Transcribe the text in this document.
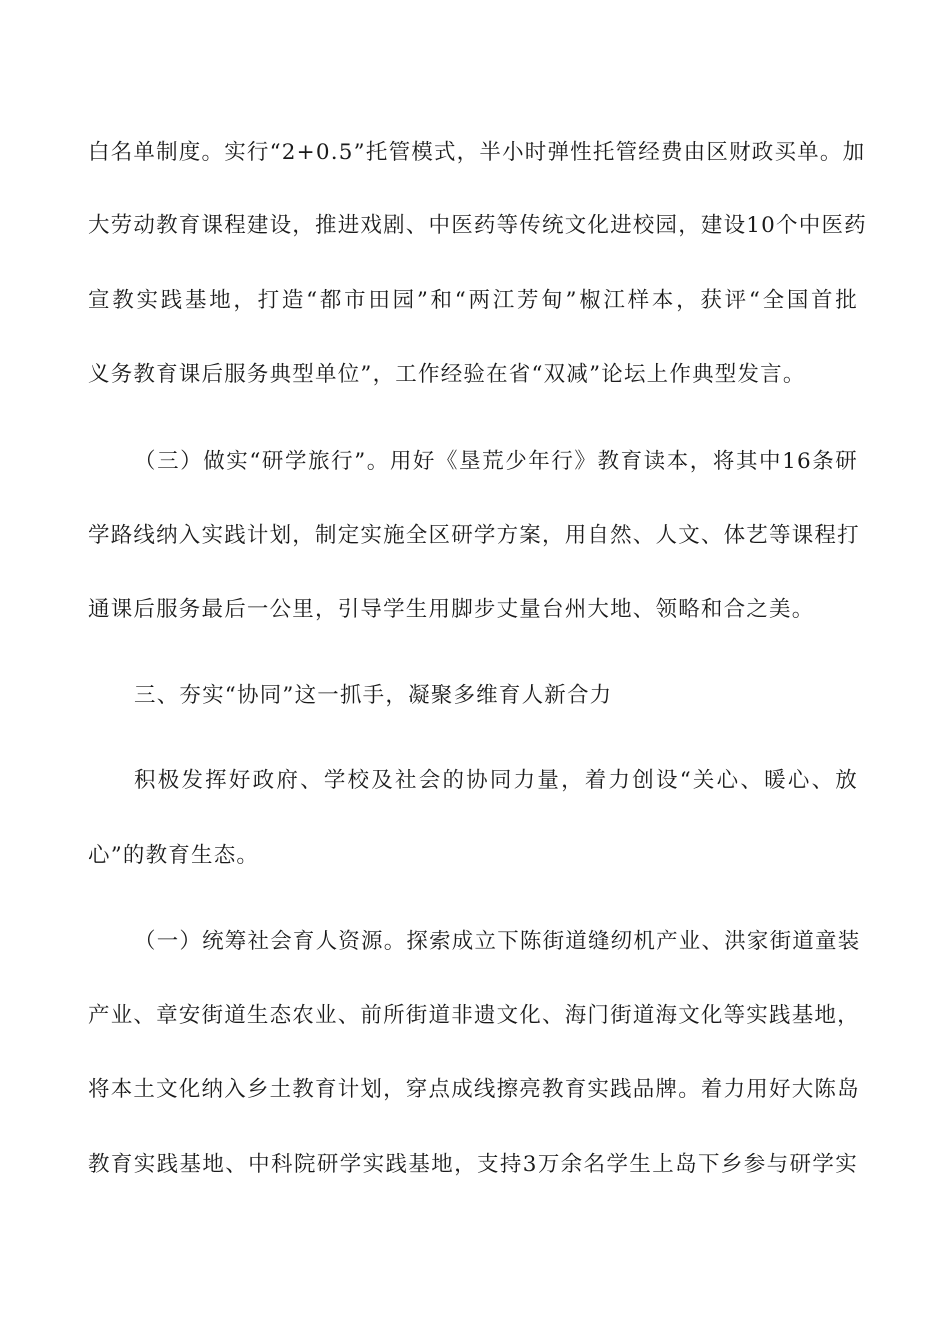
白名单制度。实行“2+0.5”托管模式，半小时弹性托管经费由区财政买单。加
大劳动教育课程建设，推进戏剧、中医药等传统文化进校园，建设10个中医药
宣教实践基地，打造“都市田园”和“两江芳甸”椒江样本，获评“全国首批
义务教育课后服务典型单位”，工作经验在省“双减”论坛上作典型发言。
（三）做实“研学旅行”。用好《垦荒少年行》教育读本，将其中16条研
学路线纳入实践计划，制定实施全区研学方案，用自然、人文、体艺等课程打
通课后服务最后一公里，引导学生用脚步丈量台州大地、领略和合之美。
三、夯实“协同”这一抓手，凝聚多维育人新合力
积极发挥好政府、学校及社会的协同力量，着力创设“关心、暖心、放
心”的教育生态。
（一）统筹社会育人资源。探索成立下陈街道缝纫机产业、洪家街道童装
产业、章安街道生态农业、前所街道非遗文化、海门街道海文化等实践基地，
将本土文化纳入乡土教育计划，穿点成线擦亮教育实践品牌。着力用好大陈岛
教育实践基地、中科院研学实践基地，支持3万余名学生上岛下乡参与研学实
